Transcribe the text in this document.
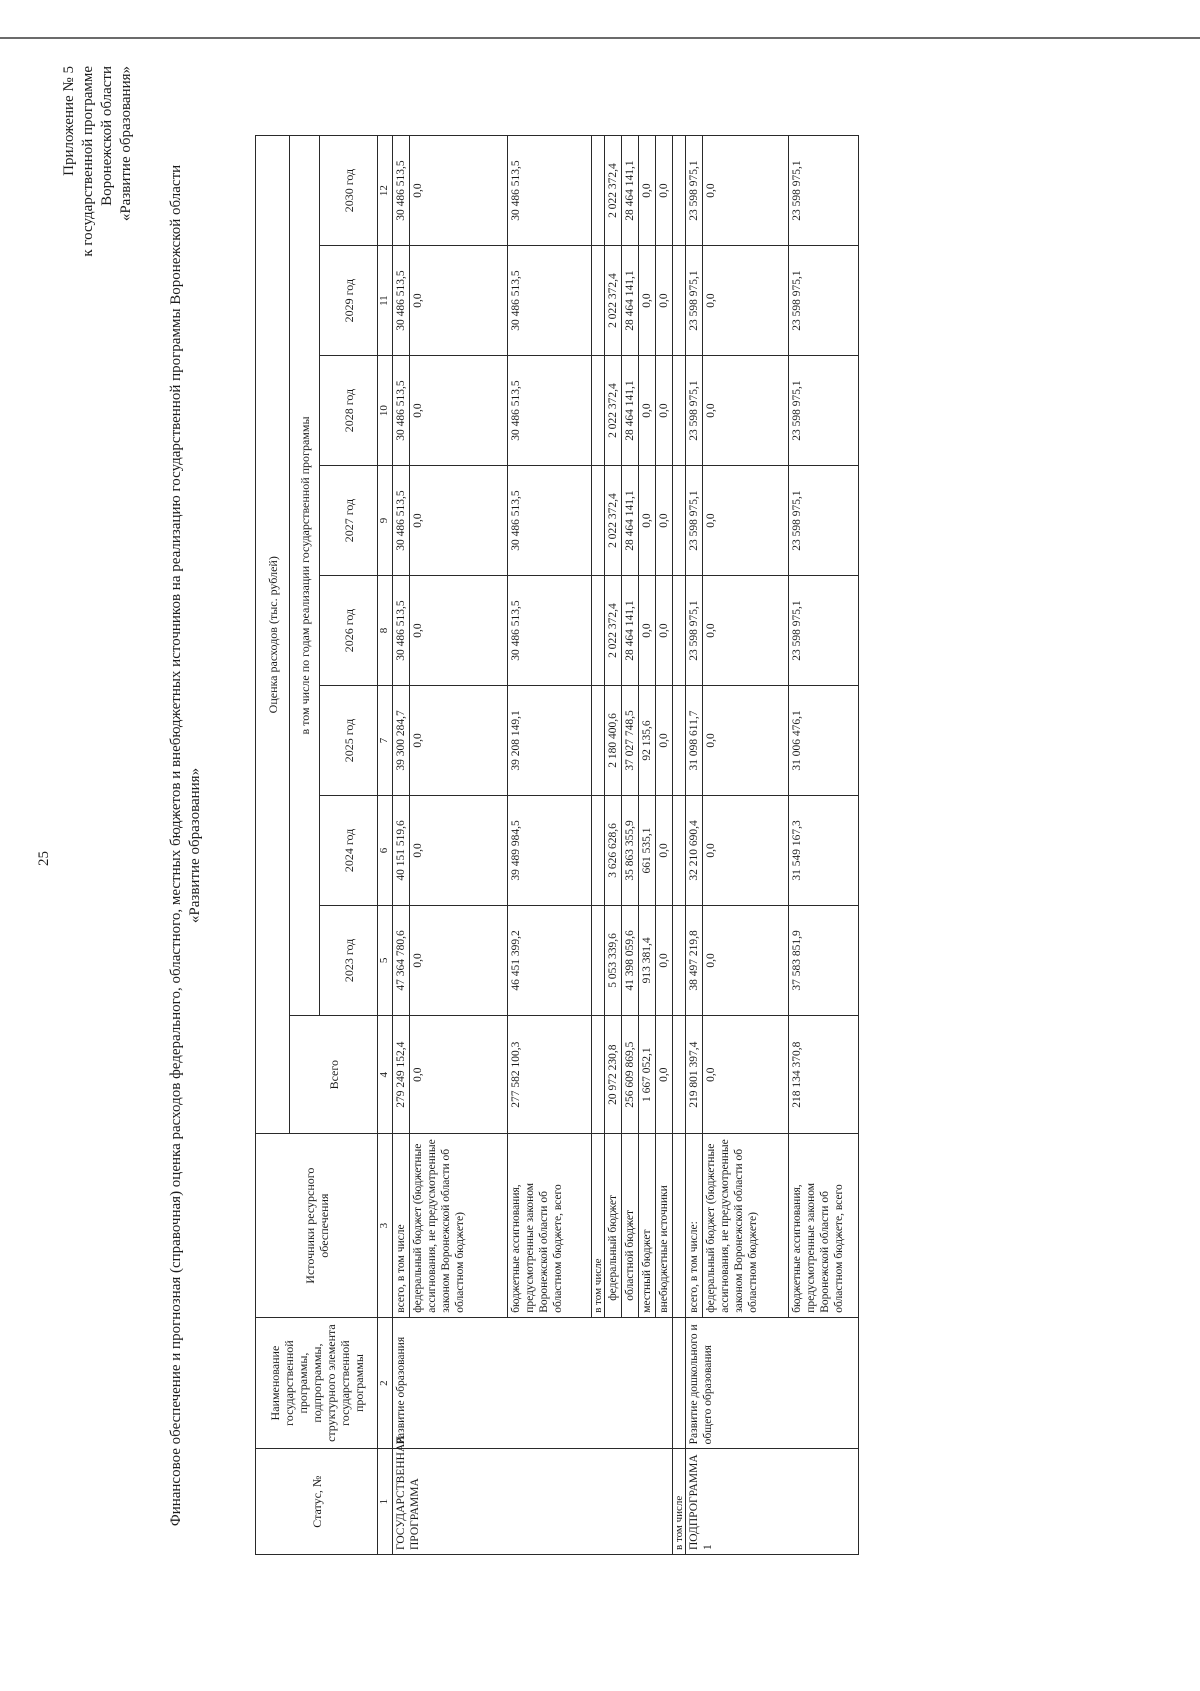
25
Приложение № 5 к государственной программе Воронежской области «Развитие образования»
Финансовое обеспечение и прогнозная (справочная) оценка расходов федерального, областного, местных бюджетов и внебюджетных источников на реализацию государственной программы Воронежской области «Развитие образования»
Статус, №	Наименование государственной программы, подпрограммы, структурного элемента государственной программы	Источники ресурсного обеспечения	Оценка расходов (тыс. рублей)								
			Всего	в том числе по годам реализации государственной программы							
				2023 год	2024 год	2025 год	2026 год	2027 год	2028 год	2029 год	2030 год
1	2	3	4	5	6	7	8	9	10	11	12
ГОСУДАРСТВЕННАЯ ПРОГРАММА	Развитие образования	всего, в том числе	279 249 152,4	47 364 780,6	40 151 519,6	39 300 284,7	30 486 513,5	30 486 513,5	30 486 513,5	30 486 513,5	30 486 513,5
		федеральный бюджет (бюджетные ассигнования, не предусмотренные законом Воронежской области об областном бюджете)	0,0	0,0	0,0	0,0	0,0	0,0	0,0	0,0	0,0
		бюджетные ассигнования, предусмотренные законом Воронежской области об областном бюджете, всего	277 582 100,3	46 451 399,2	39 489 984,5	39 208 149,1	30 486 513,5	30 486 513,5	30 486 513,5	30 486 513,5	30 486 513,5
		в том числе									
		федеральный бюджет	20 972 230,8	5 053 339,6	3 626 628,6	2 180 400,6	2 022 372,4	2 022 372,4	2 022 372,4	2 022 372,4	2 022 372,4
		областной бюджет	256 609 869,5	41 398 059,6	35 863 355,9	37 027 748,5	28 464 141,1	28 464 141,1	28 464 141,1	28 464 141,1	28 464 141,1
		местный бюджет	1 667 052,1	913 381,4	661 535,1	92 135,6	0,0	0,0	0,0	0,0	0,0
		внебюджетные источники	0,0	0,0	0,0	0,0	0,0	0,0	0,0	0,0	0,0
в том числе											
ПОДПРОГРАММА 1	Развитие дошкольного и общего образования	всего, в том числе:	219 801 397,4	38 497 219,8	32 210 690,4	31 098 611,7	23 598 975,1	23 598 975,1	23 598 975,1	23 598 975,1	23 598 975,1
		федеральный бюджет (бюджетные ассигнования, не предусмотренные законом Воронежской области об областном бюджете)	0,0	0,0	0,0	0,0	0,0	0,0	0,0	0,0	0,0
		бюджетные ассигнования, предусмотренные законом Воронежской области об областном бюджете, всего	218 134 370,8	37 583 851,9	31 549 167,3	31 006 476,1	23 598 975,1	23 598 975,1	23 598 975,1	23 598 975,1	23 598 975,1
